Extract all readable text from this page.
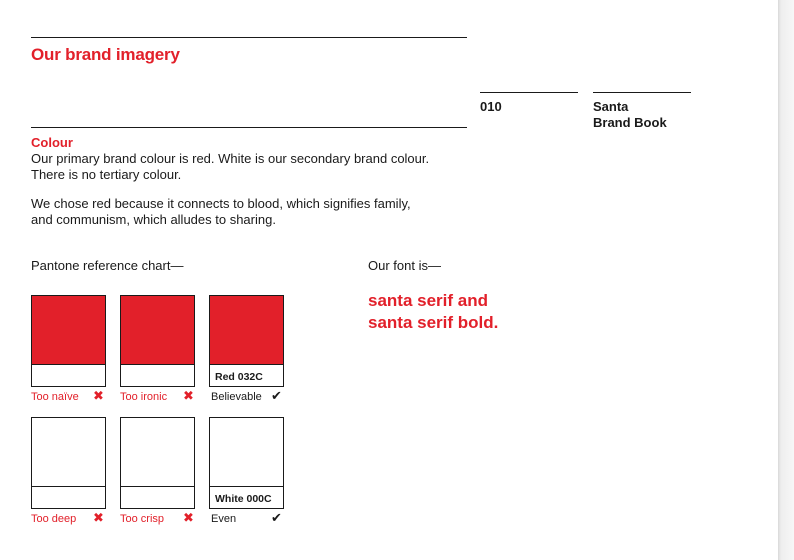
Our brand imagery
010	Santa
Brand Book
Colour
Our primary brand colour is red. White is our secondary brand colour.
There is no tertiary colour.
We chose red because it connects to blood, which signifies family,
and communism, which alludes to sharing.
Pantone reference chart—
Too naïve ✖ Too ironic ✖
Red 032C
Believable ✔
Too deep ✖ Too crisp ✖
White 000C
Even	✔
Our font is—
santa serif and
santa serif bold.
